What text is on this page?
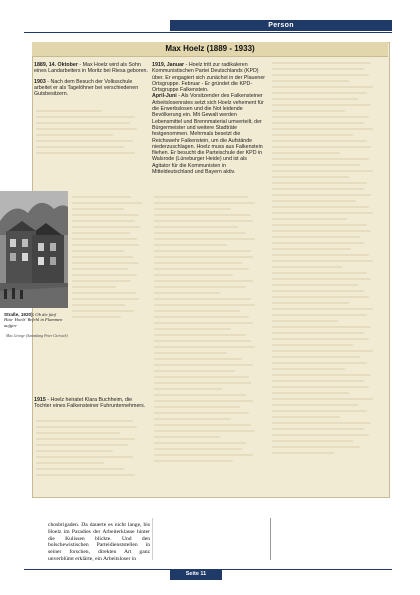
Person
Max Hoelz (1889 - 1933)

1889, 14. Oktober - Max Hoelz wird als Sohn eines Landarbeiters in Moritz bei Riesa geboren.

1903 - Nach dem Besuch der Volksschule arbeitet er als Tagelöhner bei verschiedenen Gutsbesitzern.

1915 - Hoelz heiratet Klara Buchheim, die Tochter eines Falkensteiner Fuhrunternehmers.

1919, Januar - Hoelz tritt zur radikaleren Kommunistischen Partei Deutschlands (KPD) über. Er engagiert sich zunächst in der Plauener Ortsgruppe. Februar - Er gründet die KPD-Ortsgruppe Falkenstein.
April-Juni - Als Vorsitzender des Falkensteiner Arbeitslosenrates setzt sich Hoelz vehement für die Erwerbslosen und die Not leidende Bevölkerung ein. Mit Gewalt werden Lebensmittel und Brennmaterial umverteilt, der Bürgermeister und weitere Stadträte festgenommen. Mehrmals besetzt die Reichswehr Falkenstein, um die Aufstände niederzuschlagen. Hoelz muss aus Falkenstein fliehen. Er besucht die Parteischule der KPD in Walsrode (Lüneburger Heide) und ist als Agitator für die Kommunisten in Mitteldeutschland und Bayern aktiv.

Straße, 1920): Ob die fünf Häu- Hoelz' Befehl in Flammen aufgin-
Max George (Sammlung Peter Giersich)
chosbrigaden. Da dauerte es nicht lange, bis Hoelz im Paradies der Arbeiterklasse hinter die Kulissen blickte. Und den bolschewistischen Parteidienststellen in seiner forschen, direkten Art ganz unverblümt erklärte, ein Arbeitsloser in
Seite 11
